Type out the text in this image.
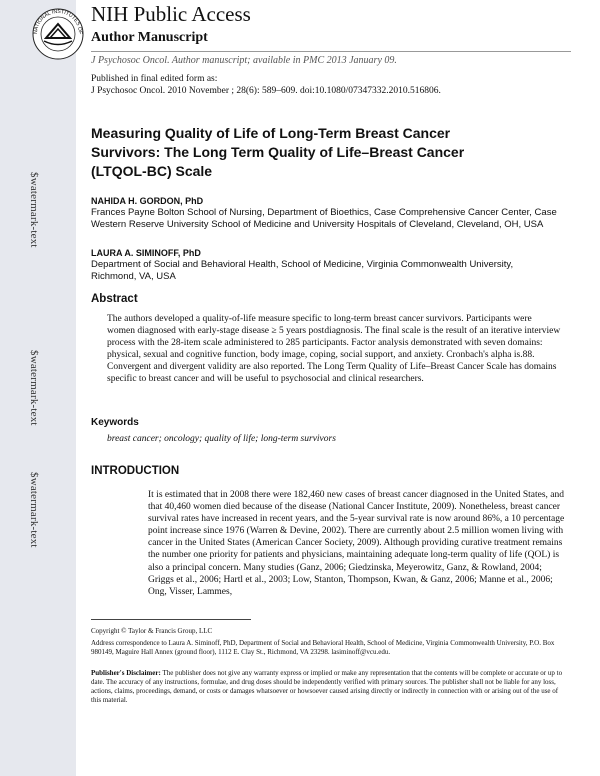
$watermark-text
$watermark-text
$watermark-text
NATIONAL INSTITUTES OF
NIH Public Access
Author Manuscript
J Psychosoc Oncol. Author manuscript; available in PMC 2013 January 09.
Published in final edited form as:
J Psychosoc Oncol. 2010 November ; 28(6): 589–609. doi:10.1080/07347332.2010.516806.
Measuring Quality of Life of Long-Term Breast Cancer Survivors: The Long Term Quality of Life–Breast Cancer (LTQOL-BC) Scale
NAHIDA H. GORDON, PhD
Frances Payne Bolton School of Nursing, Department of Bioethics, Case Comprehensive Cancer Center, Case Western Reserve University School of Medicine and University Hospitals of Cleveland, Cleveland, OH, USA
LAURA A. SIMINOFF, PhD
Department of Social and Behavioral Health, School of Medicine, Virginia Commonwealth University, Richmond, VA, USA
Abstract
The authors developed a quality-of-life measure specific to long-term breast cancer survivors. Participants were women diagnosed with early-stage disease ≥ 5 years postdiagnosis. The final scale is the result of an iterative interview process with the 28-item scale administered to 285 participants. Factor analysis demonstrated with seven domains: physical, sexual and cognitive function, body image, coping, social support, and anxiety. Cronbach's alpha is.88. Convergent and divergent validity are also reported. The Long Term Quality of Life–Breast Cancer Scale has domains specific to breast cancer and will be useful to psychosocial and clinical researchers.
Keywords
breast cancer; oncology; quality of life; long-term survivors
INTRODUCTION
It is estimated that in 2008 there were 182,460 new cases of breast cancer diagnosed in the United States, and that 40,460 women died because of the disease (National Cancer Institute, 2009). Nonetheless, breast cancer survival rates have increased in recent years, and the 5-year survival rate is now around 86%, a 10 percentage point increase since 1976 (Warren & Devine, 2002). There are currently about 2.5 million women living with cancer in the United States (American Cancer Society, 2009). Although providing curative treatment remains the number one priority for patients and physicians, maintaining adequate long-term quality of life (QOL) is also a principal concern. Many studies (Ganz, 2006; Giedzinska, Meyerowitz, Ganz, & Rowland, 2004; Griggs et al., 2006; Hartl et al., 2003; Low, Stanton, Thompson, Kwan, & Ganz, 2006; Manne et al., 2006; Ong, Visser, Lammes,
Copyright © Taylor & Francis Group, LLC
Address correspondence to Laura A. Siminoff, PhD, Department of Social and Behavioral Health, School of Medicine, Virginia Commonwealth University, P.O. Box 980149, Maguire Hall Annex (ground floor), 1112 E. Clay St., Richmond, VA 23298. lasiminoff@vcu.edu.
Publisher's Disclaimer: The publisher does not give any warranty express or implied or make any representation that the contents will be complete or accurate or up to date. The accuracy of any instructions, formulae, and drug doses should be independently verified with primary sources. The publisher shall not be liable for any loss, actions, claims, proceedings, demand, or costs or damages whatsoever or howsoever caused arising directly or indirectly in connection with or arising out of the use of this material.
